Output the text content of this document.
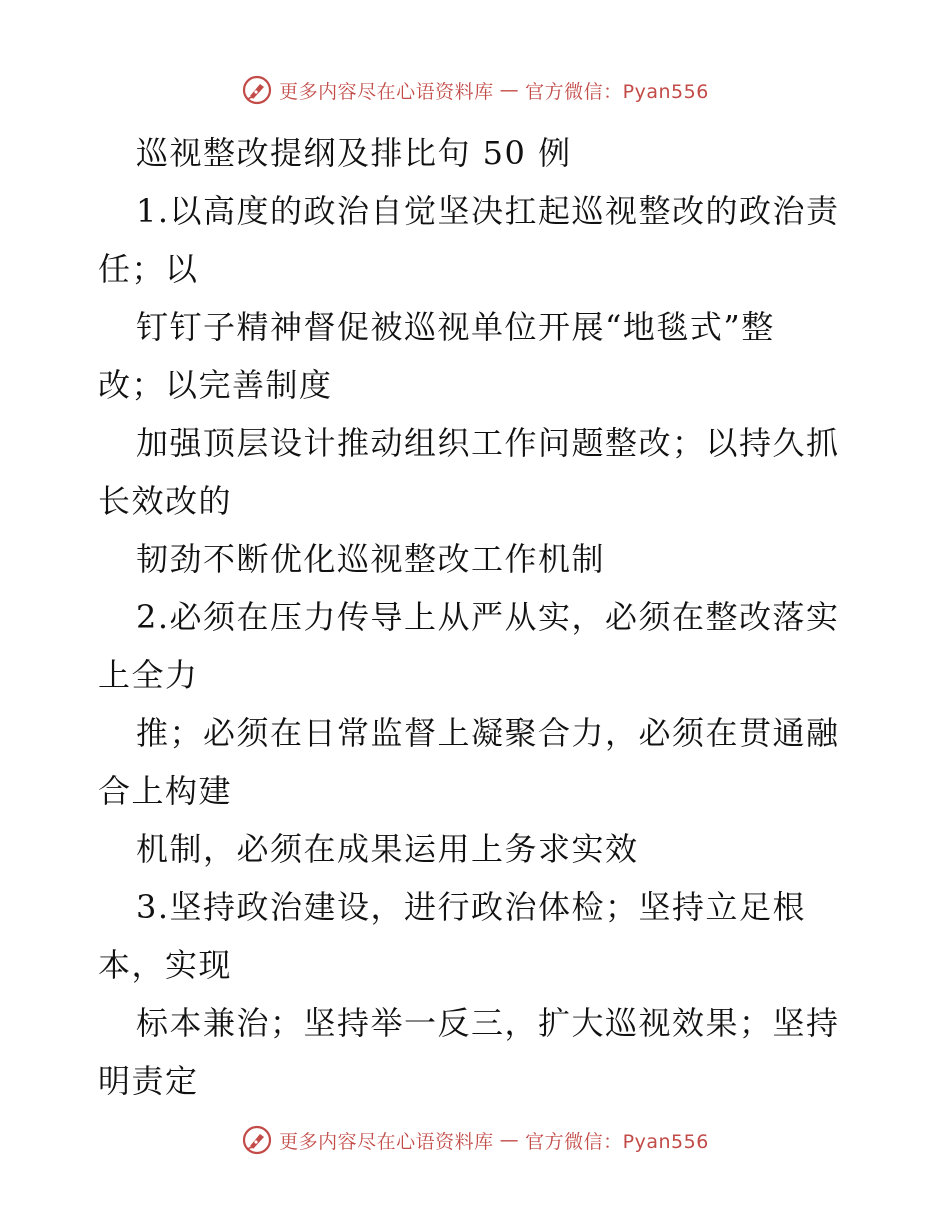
更多内容尽在心语资料库 — 官方微信：Pyan556
巡视整改提纲及排比句 50 例
1.以高度的政治自觉坚决扛起巡视整改的政治责
任；以
钉钉子精神督促被巡视单位开展“地毯式”整
改；以完善制度
加强顶层设计推动组织工作问题整改；以持久抓
长效改的
韧劲不断优化巡视整改工作机制
2.必须在压力传导上从严从实，必须在整改落实
上全力
推；必须在日常监督上凝聚合力，必须在贯通融
合上构建
机制，必须在成果运用上务求实效
3.坚持政治建设，进行政治体检；坚持立足根
本，实现
标本兼治；坚持举一反三，扩大巡视效果；坚持
明责定
更多内容尽在心语资料库 — 官方微信：Pyan556
